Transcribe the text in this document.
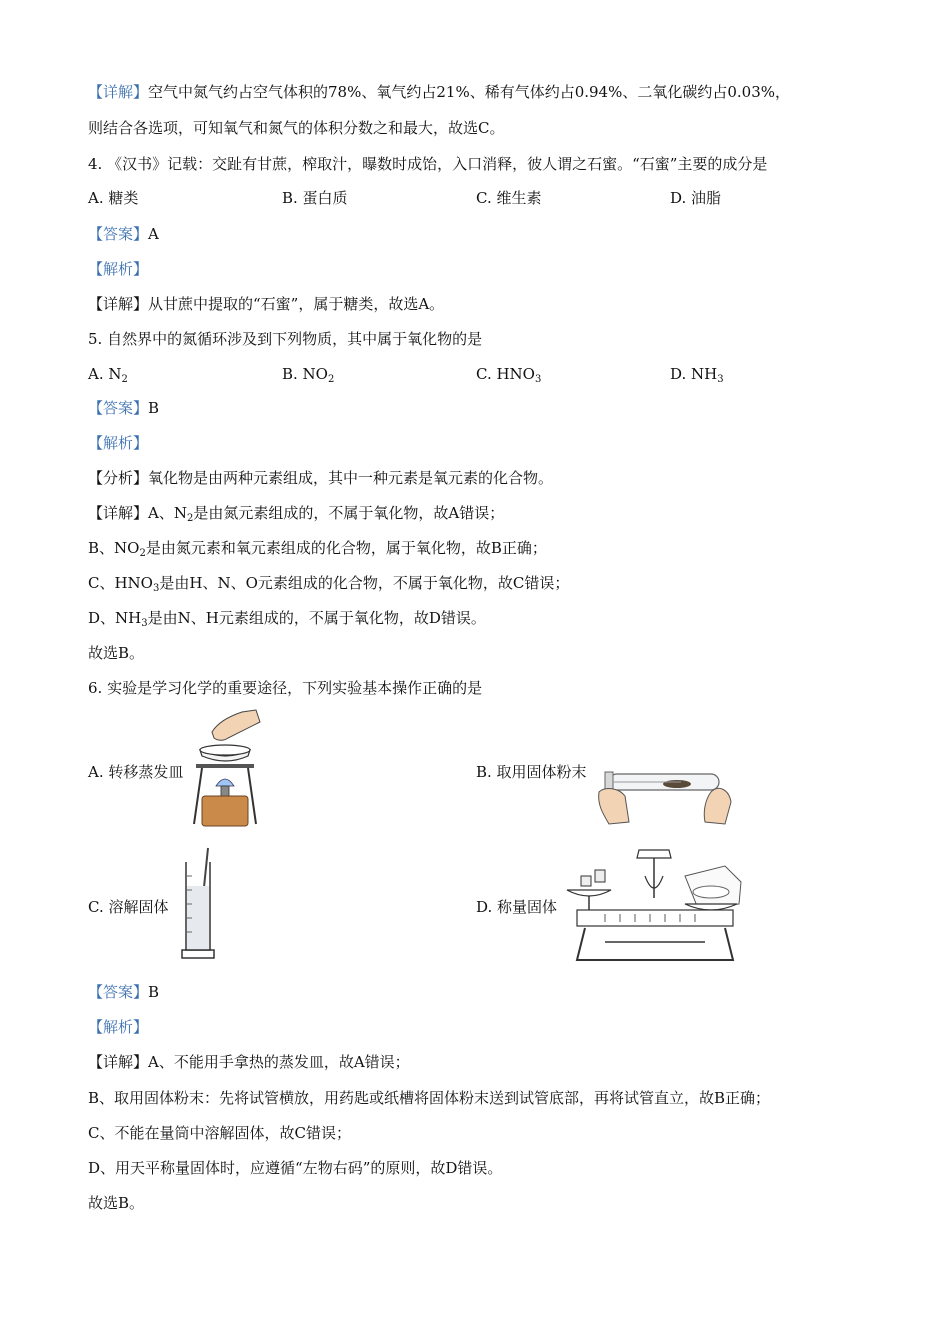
【详解】空气中氮气约占空气体积的78%、氧气约占21%、稀有气体约占0.94%、二氧化碳约占0.03%，
则结合各选项，可知氧气和氮气的体积分数之和最大，故选C。
4. 《汉书》记载：交趾有甘蔗，榨取汁，曝数时成饴，入口消释，彼人谓之石蜜。“石蜜”主要的成分是
A. 糖类	B. 蛋白质	C. 维生素	D. 油脂
【答案】A
【解析】
【详解】从甘蔗中提取的“石蜜”，属于糖类，故选A。
5. 自然界中的氮循环涉及到下列物质，其中属于氧化物的是
A. $N_2$	B. $NO_2$	C. $HNO_3$	D. $NH_3$
【答案】B
【解析】
【分析】氧化物是由两种元素组成，其中一种元素是氧元素的化合物。
【详解】A、$N_2$是由氮元素组成的，不属于氧化物，故A错误；
B、$NO_2$是由氮元素和氧元素组成的化合物，属于氧化物，故B正确；
C、$HNO_3$是由H、N、O元素组成的化合物，不属于氧化物，故C错误；
D、$NH_3$是由N、H元素组成的，不属于氧化物，故D错误。
故选B。
6. 实验是学习化学的重要途径，下列实验基本操作正确的是
A. 转移蒸发皿	B. 取用固体粉末
C. 溶解固体	D. 称量固体
【答案】B
【解析】
【详解】A、不能用手拿热的蒸发皿，故A错误；
B、取用固体粉末：先将试管横放，用药匙或纸槽将固体粉末送到试管底部，再将试管直立，故B正确；
C、不能在量筒中溶解固体，故C错误；
D、用天平称量固体时，应遵循“左物右码”的原则，故D错误。
故选B。
